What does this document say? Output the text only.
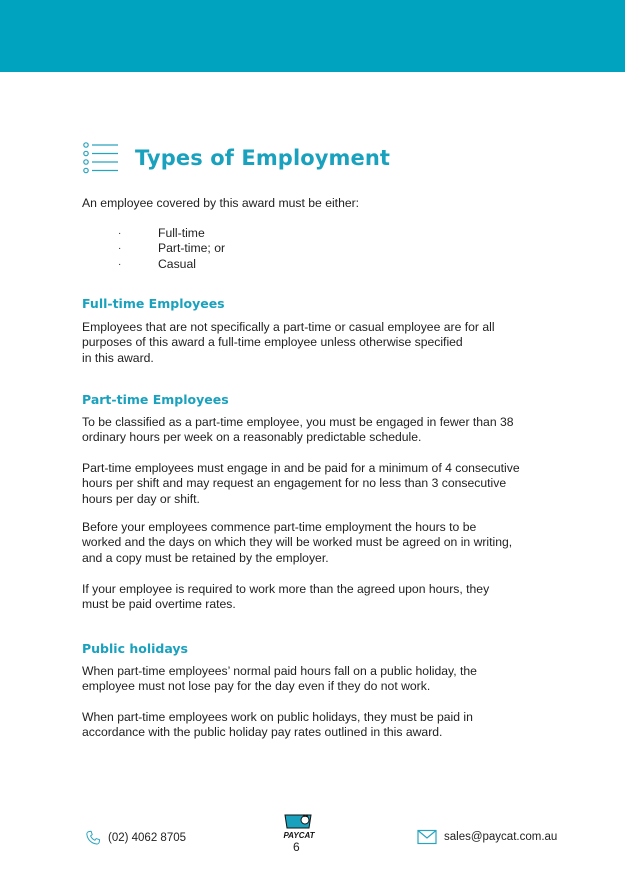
Types of Employment
An employee covered by this award must be either:
·	Full-time
·	Part-time; or
·	Casual
Full-time Employees
Employees that are not specifically a part-time or casual employee are for all
purposes of this award a full-time employee unless otherwise specified
in this award.
Part-time Employees
To be classified as a part-time employee, you must be engaged in fewer than 38
ordinary hours per week on a reasonably predictable schedule.
Part-time employees must engage in and be paid for a minimum of 4 consecutive
hours per shift and may request an engagement for no less than 3 consecutive
hours per day or shift.
Before your employees commence part-time employment the hours to be
worked and the days on which they will be worked must be agreed on in writing,
and a copy must be retained by the employer.
If your employee is required to work more than the agreed upon hours, they
must be paid overtime rates.
Public holidays
When part-time employees’ normal paid hours fall on a public holiday, the
employee must not lose pay for the day even if they do not work.
When part-time employees work on public holidays, they must be paid in
accordance with the public holiday pay rates outlined in this award.
(02) 4062 8705	PAYCAT
6
sales@paycat.com.au
